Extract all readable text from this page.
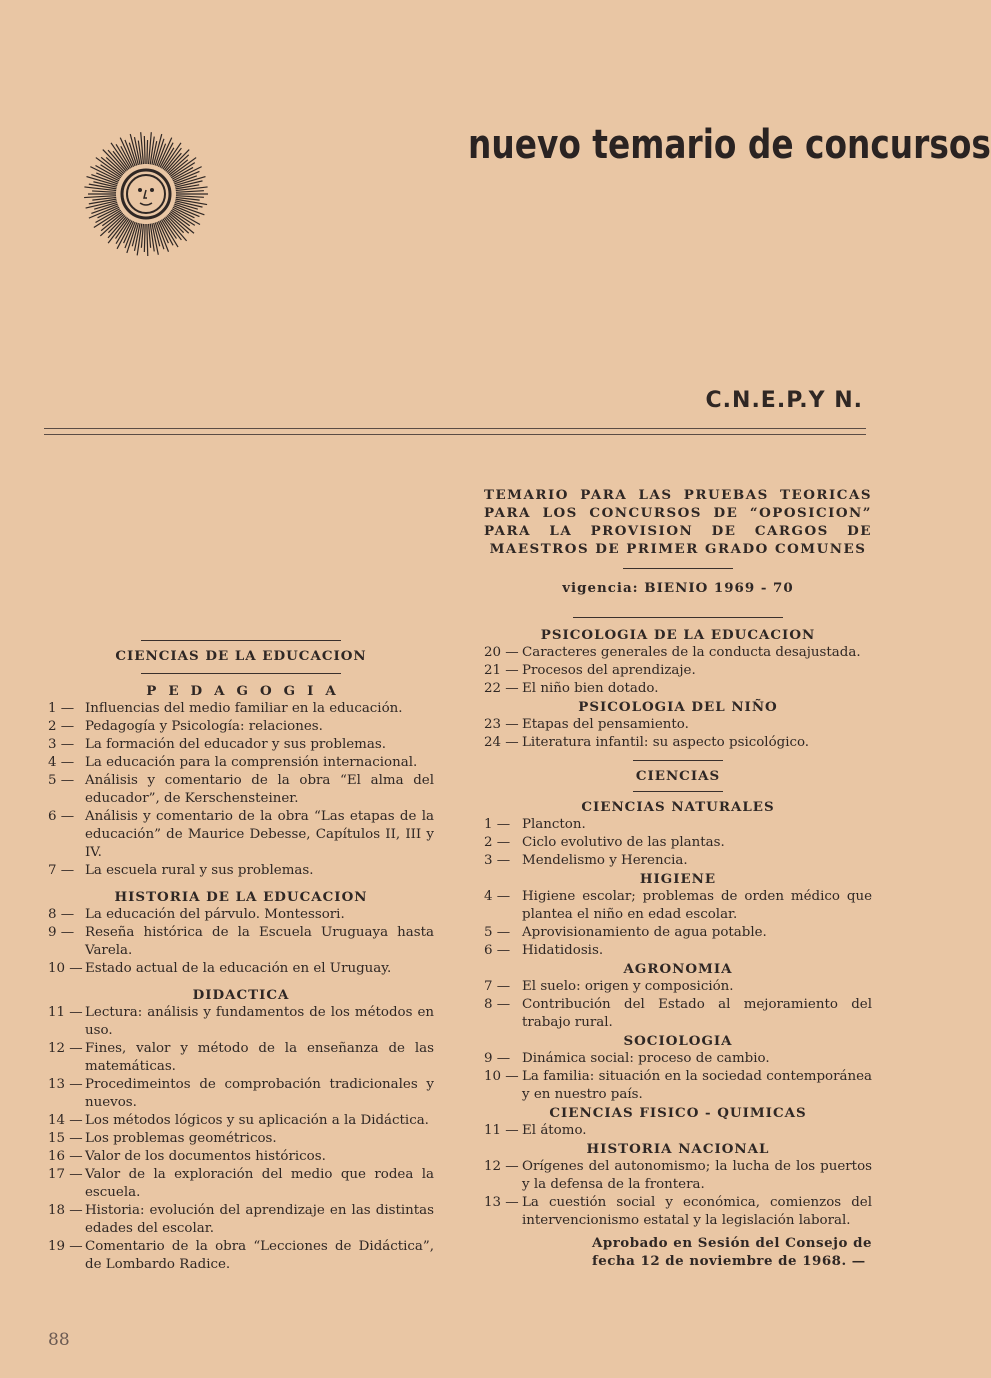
nuevo temario de concursos
C.N.E.P.Y N.
CIENCIAS DE LA EDUCACION
PEDAGOGIA
1 — Influencias del medio familiar en la educación.
2 — Pedagogía y Psicología: relaciones.
3 — La formación del educador y sus problemas.
4 — La educación para la comprensión internacional.
5 — Análisis y comentario de la obra “El alma del educador”, de Kerschensteiner.
6 — Análisis y comentario de la obra “Las etapas de la educación” de Maurice Debesse, Capítulos II, III y IV.
7 — La escuela rural y sus problemas.
HISTORIA DE LA EDUCACION
8 — La educación del párvulo. Montessori.
9 — Reseña histórica de la Escuela Uruguaya hasta Varela.
10 — Estado actual de la educación en el Uruguay.
DIDACTICA
11 — Lectura: análisis y fundamentos de los métodos en uso.
12 — Fines, valor y método de la enseñanza de las matemáticas.
13 — Procedimeintos de comprobación tradicionales y nuevos.
14 — Los métodos lógicos y su aplicación a la Didáctica.
15 — Los problemas geométricos.
16 — Valor de los documentos históricos.
17 — Valor de la exploración del medio que rodea la escuela.
18 — Historia: evolución del aprendizaje en las distintas edades del escolar.
19 — Comentario de la obra “Lecciones de Didáctica”, de Lombardo Radice.
TEMARIO PARA LAS PRUEBAS TEORICAS PARA LOS CONCURSOS DE “OPOSICION” PARA LA PROVISION DE CARGOS DE MAESTROS DE PRIMER GRADO COMUNES
vigencia: BIENIO 1969 - 70
PSICOLOGIA DE LA EDUCACION
20 — Caracteres generales de la conducta desajustada.
21 — Procesos del aprendizaje.
22 — El niño bien dotado.
PSICOLOGIA DEL NIÑO
23 — Etapas del pensamiento.
24 — Literatura infantil: su aspecto psicológico.
CIENCIAS
CIENCIAS NATURALES
1 — Plancton.
2 — Ciclo evolutivo de las plantas.
3 — Mendelismo y Herencia.
HIGIENE
4 — Higiene escolar; problemas de orden médico que plantea el niño en edad escolar.
5 — Aprovisionamiento de agua potable.
6 — Hidatidosis.
AGRONOMIA
7 — El suelo: origen y composición.
8 — Contribución del Estado al mejoramiento del trabajo rural.
SOCIOLOGIA
9 — Dinámica social: proceso de cambio.
10 — La familia: situación en la sociedad contemporánea y en nuestro país.
CIENCIAS FISICO - QUIMICAS
11 — El átomo.
HISTORIA NACIONAL
12 — Orígenes del autonomismo; la lucha de los puertos y la defensa de la frontera.
13 — La cuestión social y económica, comienzos del intervencionismo estatal y la legislación laboral.
Aprobado en Sesión del Consejo de fecha 12 de noviembre de 1968. —
88
